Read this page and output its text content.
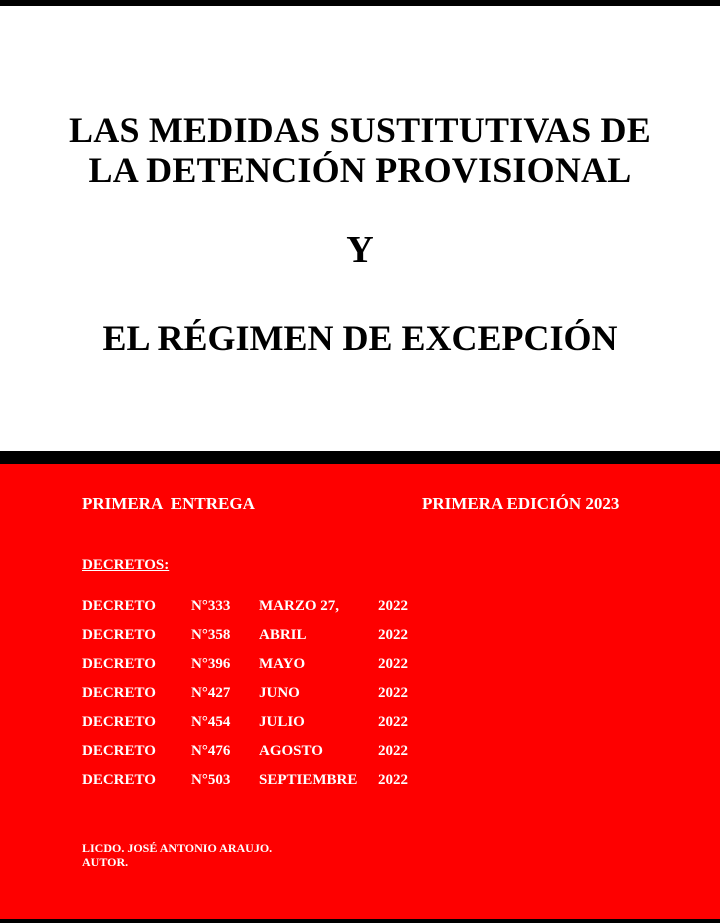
LAS MEDIDAS SUSTITUTIVAS DE
LA DETENCIÓN PROVISIONAL
Y
EL RÉGIMEN DE EXCEPCIÓN
PRIMERA  ENTREGA	PRIMERA EDICIÓN 2023
DECRETOS:
DECRETO N°333 MARZO 27,	2022
DECRETO N°358 ABRIL	2022
DECRETO N°396 MAYO	2022
DECRETO N°427 JUNO	2022
DECRETO N°454 JULIO	2022
DECRETO N°476 AGOSTO	2022
DECRETO N°503 SEPTIEMBRE 2022
LICDO. JOSÉ ANTONIO ARAUJO.
AUTOR.
